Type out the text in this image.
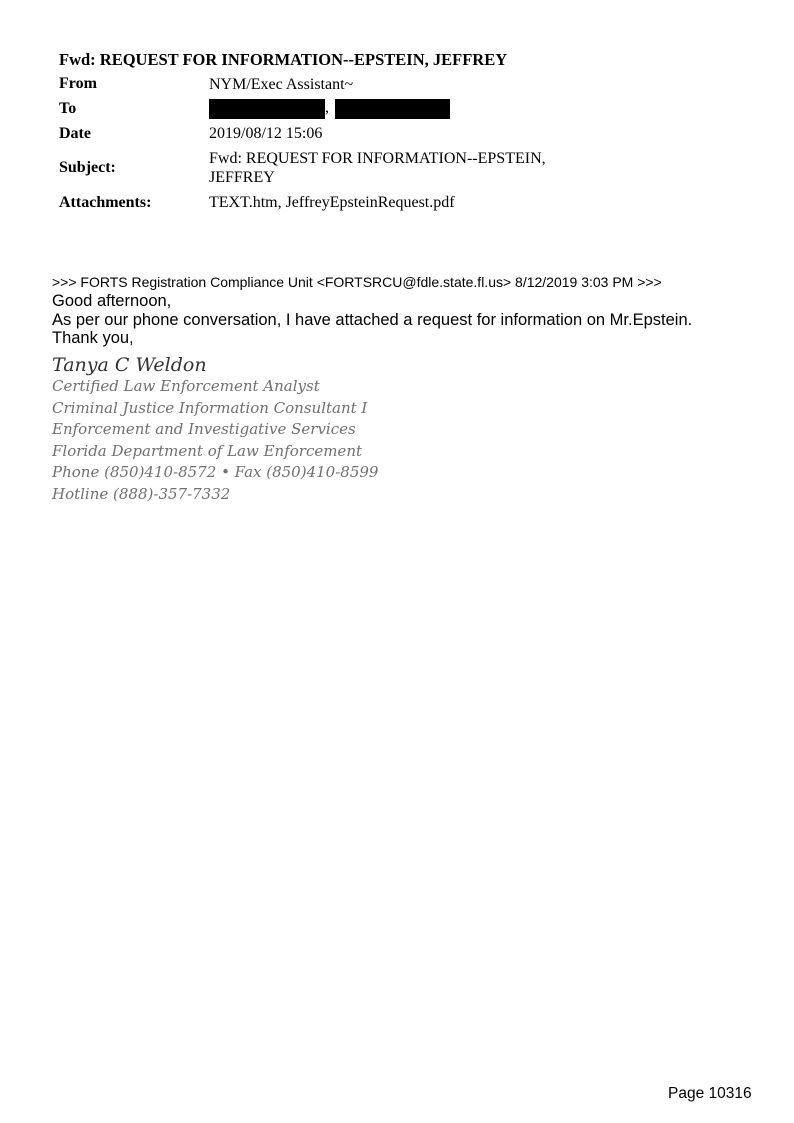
Fwd: REQUEST FOR INFORMATION--EPSTEIN, JEFFREY
From	NYM/Exec Assistant~
To	,
Date	2019/08/12 15:06
Subject:
Fwd: REQUEST FOR INFORMATION--EPSTEIN,
JEFFREY
Attachments:	TEXT.htm, JeffreyEpsteinRequest.pdf
>>> FORTS Registration Compliance Unit <FORTSRCU@fdle.state.fl.us> 8/12/2019 3:03 PM >>>
Good afternoon,
As per our phone conversation, I have attached a request for information on Mr.Epstein.
Thank you,
Tanya C Weldon
Certified Law Enforcement Analyst
Criminal Justice Information Consultant I
Enforcement and Investigative Services
Florida Department of Law Enforcement
Phone (850)410-8572 • Fax (850)410-8599
Hotline (888)-357-7332
Page 10316
